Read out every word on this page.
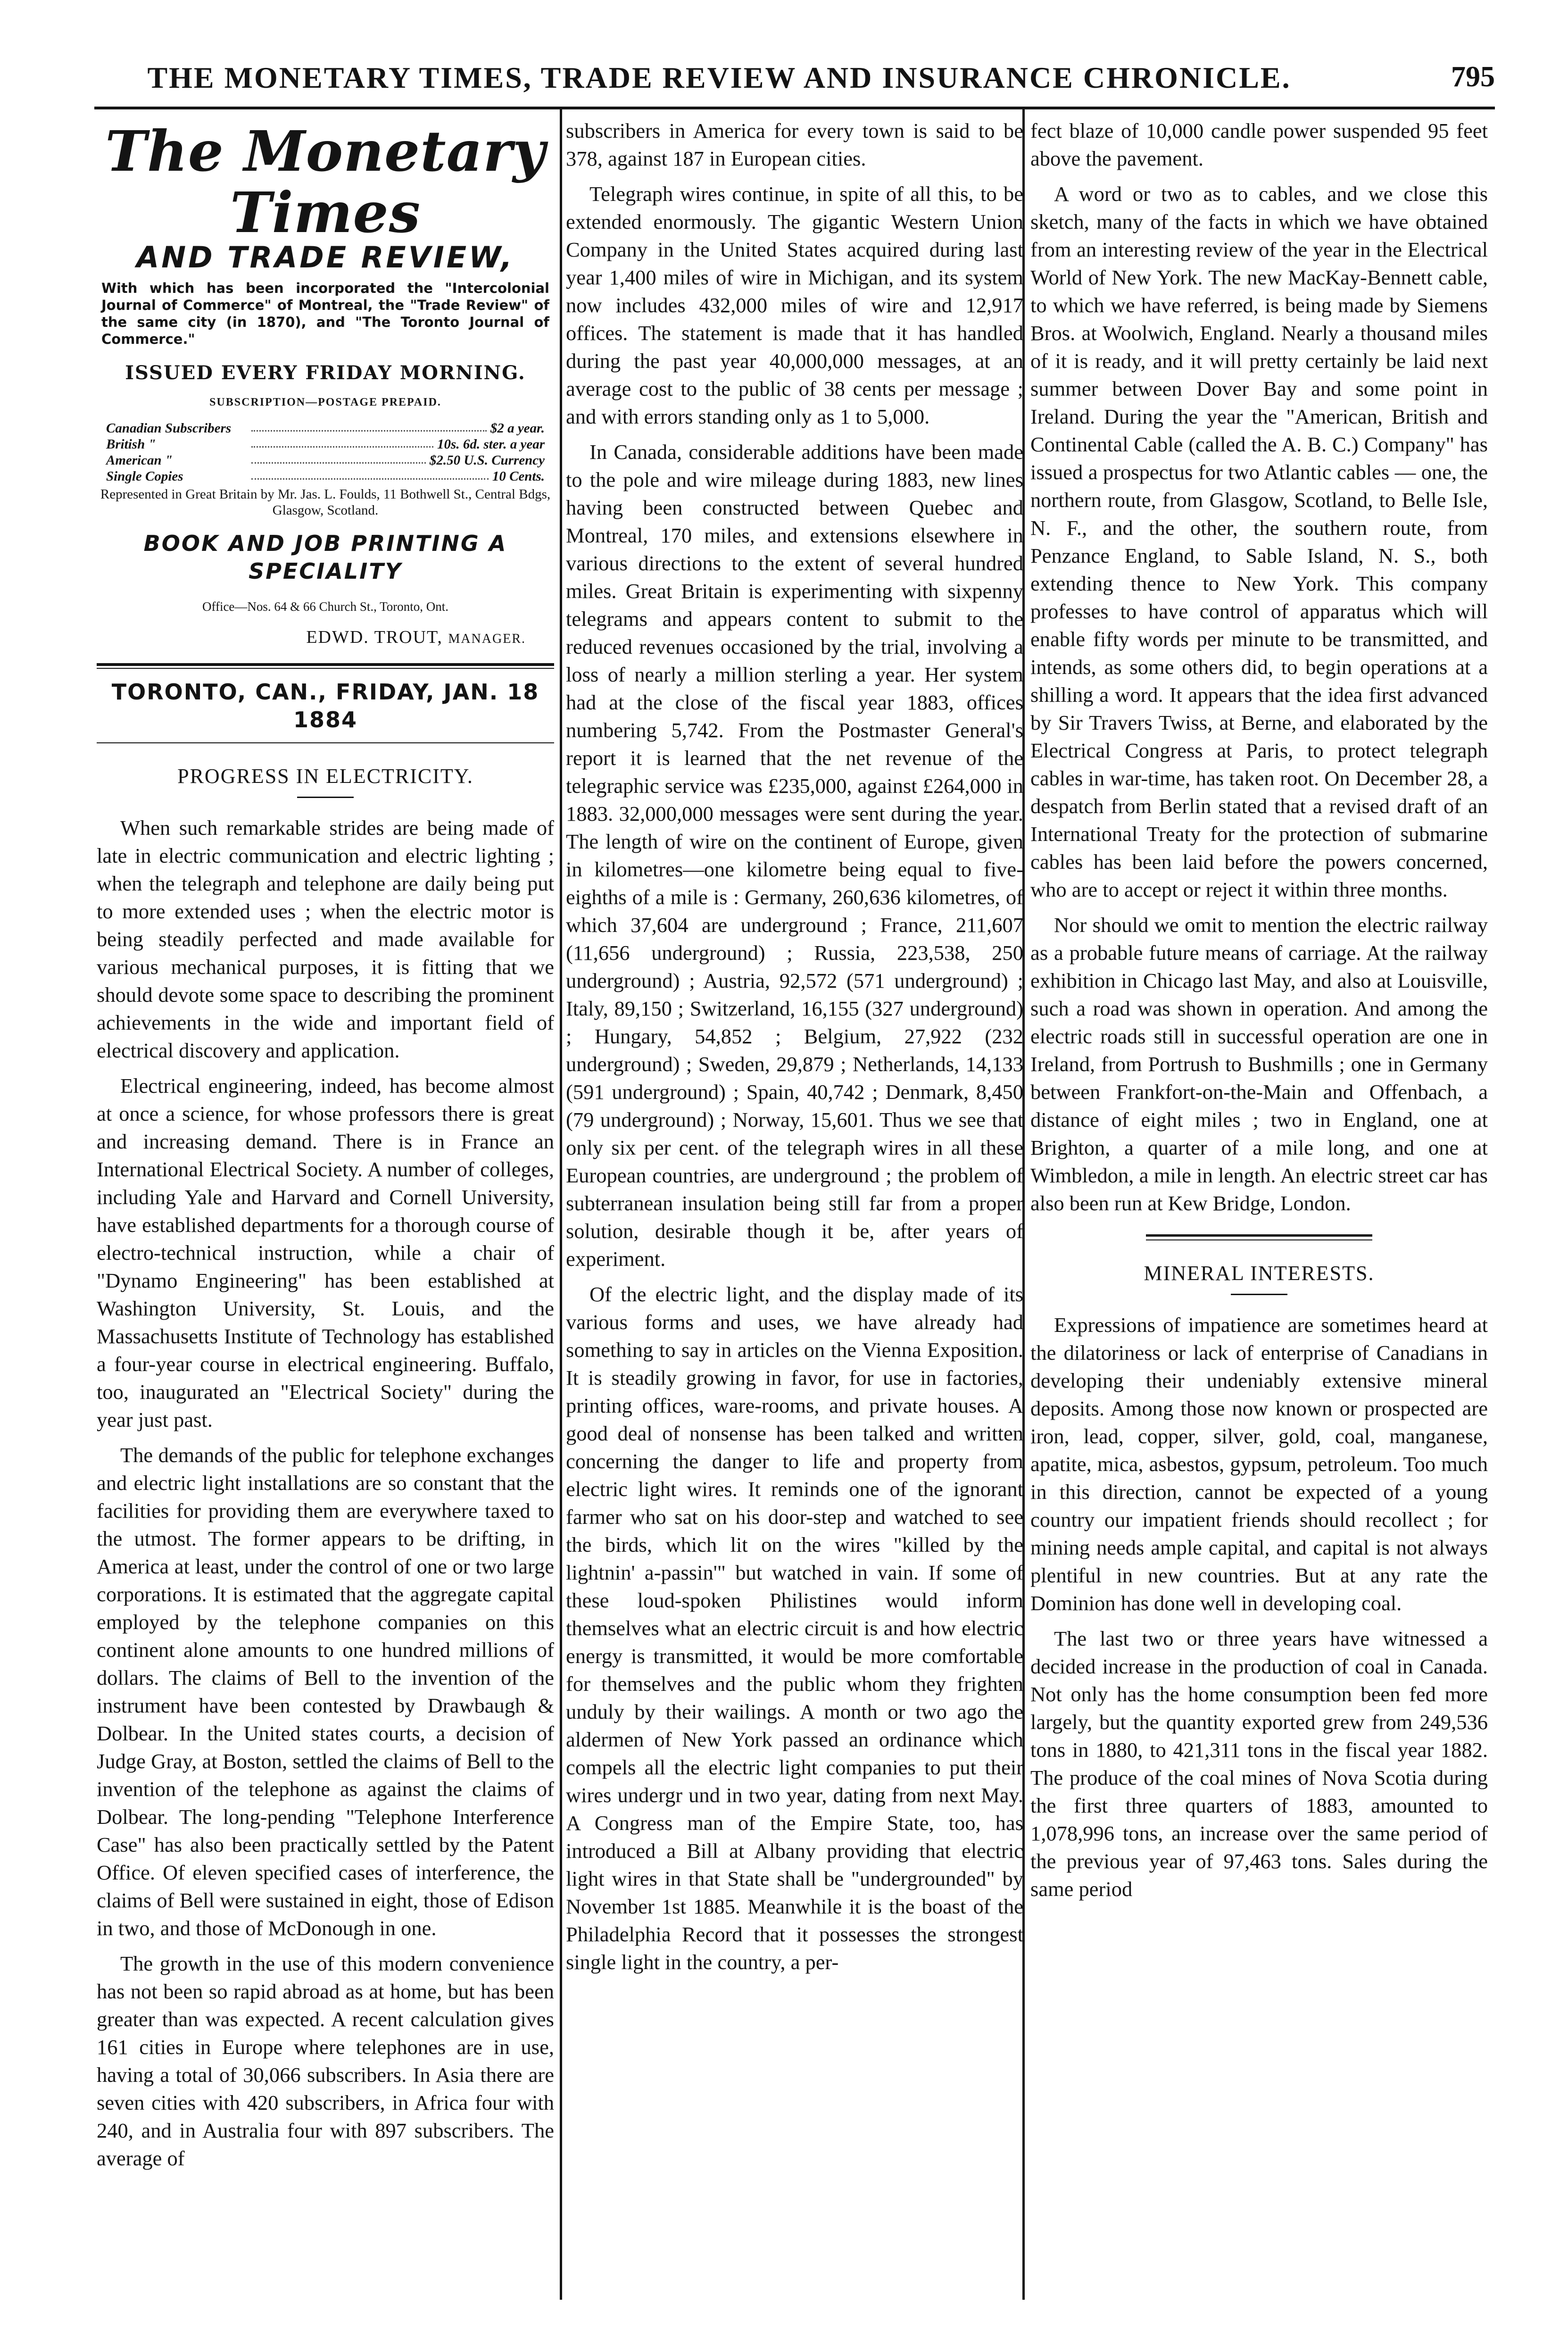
THE MONETARY TIMES, TRADE REVIEW AND INSURANCE CHRONICLE.	795
The Monetary Times
AND TRADE REVIEW,
With which has been incorporated the "Intercolonial Journal of Commerce" of Montreal, the "Trade Review" of the same city (in 1870), and "The Toronto Journal of Commerce."
ISSUED EVERY FRIDAY MORNING.
SUBSCRIPTION—POSTAGE PREPAID.
Canadian Subscribers	$2 a year.
British "	10s. 6d. ster. a year
American "	$2.50 U.S. Currency
Single Copies	10 Cents.
Represented in Great Britain by Mr. Jas. L. Foulds, 11 Bothwell St., Central Bdgs, Glasgow, Scotland.
BOOK AND JOB PRINTING A SPECIALITY
Office—Nos. 64 & 66 Church St., Toronto, Ont.
EDWD. TROUT, MANAGER.
TORONTO, CAN., FRIDAY, JAN. 18 1884
PROGRESS IN ELECTRICITY.

When such remarkable strides are being made of late in electric communication and electric lighting ; when the telegraph and telephone are daily being put to more extended uses ; when the electric motor is being steadily perfected and made available for various mechanical purposes, it is fitting that we should devote some space to describing the prominent achievements in the wide and important field of electrical discovery and application.

Electrical engineering, indeed, has become almost at once a science, for whose professors there is great and increasing demand. There is in France an International Electrical Society. A number of colleges, including Yale and Harvard and Cornell University, have established departments for a thorough course of electro-technical instruction, while a chair of "Dynamo Engineering" has been established at Washington University, St. Louis, and the Massachusetts Institute of Technology has established a four-year course in electrical engineering. Buffalo, too, inaugurated an "Electrical Society" during the year just past.

The demands of the public for telephone exchanges and electric light installations are so constant that the facilities for providing them are everywhere taxed to the utmost. The former appears to be drifting, in America at least, under the control of one or two large corporations. It is estimated that the aggregate capital employed by the telephone companies on this continent alone amounts to one hundred millions of dollars. The claims of Bell to the invention of the instrument have been contested by Drawbaugh & Dolbear. In the United states courts, a decision of Judge Gray, at Boston, settled the claims of Bell to the invention of the telephone as against the claims of Dolbear. The long-pending "Telephone Interference Case" has also been practically settled by the Patent Office. Of eleven specified cases of interference, the claims of Bell were sustained in eight, those of Edison in two, and those of McDonough in one.

The growth in the use of this modern convenience has not been so rapid abroad as at home, but has been greater than was expected. A recent calculation gives 161 cities in Europe where telephones are in use, having a total of 30,066 subscribers. In Asia there are seven cities with 420 subscribers, in Africa four with 240, and in Australia four with 897 subscribers. The average of

subscribers in America for every town is said to be 378, against 187 in European cities.

Telegraph wires continue, in spite of all this, to be extended enormously. The gigantic Western Union Company in the United States acquired during last year 1,400 miles of wire in Michigan, and its system now includes 432,000 miles of wire and 12,917 offices. The statement is made that it has handled during the past year 40,000,000 messages, at an average cost to the public of 38 cents per message ; and with errors standing only as 1 to 5,000.

In Canada, considerable additions have been made to the pole and wire mileage during 1883, new lines having been constructed between Quebec and Montreal, 170 miles, and extensions elsewhere in various directions to the extent of several hundred miles. Great Britain is experimenting with sixpenny telegrams and appears content to submit to the reduced revenues occasioned by the trial, involving a loss of nearly a million sterling a year. Her system had at the close of the fiscal year 1883, offices numbering 5,742. From the Postmaster General's report it is learned that the net revenue of the telegraphic service was £235,000, against £264,000 in 1883. 32,000,000 messages were sent during the year. The length of wire on the continent of Europe, given in kilometres—one kilometre being equal to five-eighths of a mile is : Germany, 260,636 kilometres, of which 37,604 are underground ; France, 211,607 (11,656 underground) ; Russia, 223,538, 250 underground) ; Austria, 92,572 (571 underground) ; Italy, 89,150 ; Switzerland, 16,155 (327 underground) ; Hungary, 54,852 ; Belgium, 27,922 (232 underground) ; Sweden, 29,879 ; Netherlands, 14,133 (591 underground) ; Spain, 40,742 ; Denmark, 8,450 (79 underground) ; Norway, 15,601. Thus we see that only six per cent. of the telegraph wires in all these European countries, are underground ; the problem of subterranean insulation being still far from a proper solution, desirable though it be, after years of experiment.

Of the electric light, and the display made of its various forms and uses, we have already had something to say in articles on the Vienna Exposition. It is steadily growing in favor, for use in factories, printing offices, ware-rooms, and private houses. A good deal of nonsense has been talked and written concerning the danger to life and property from electric light wires. It reminds one of the ignorant farmer who sat on his door-step and watched to see the birds, which lit on the wires "killed by the lightnin' a-passin'" but watched in vain. If some of these loud-spoken Philistines would inform themselves what an electric circuit is and how electric energy is transmitted, it would be more comfortable for themselves and the public whom they frighten unduly by their wailings. A month or two ago the aldermen of New York passed an ordinance which compels all the electric light companies to put their wires undergr und in two year, dating from next May. A Congress man of the Empire State, too, has introduced a Bill at Albany providing that electric light wires in that State shall be "undergrounded" by November 1st 1885. Meanwhile it is the boast of the Philadelphia Record that it possesses the strongest single light in the country, a per-

fect blaze of 10,000 candle power suspended 95 feet above the pavement.

A word or two as to cables, and we close this sketch, many of the facts in which we have obtained from an interesting review of the year in the Electrical World of New York. The new MacKay-Bennett cable, to which we have referred, is being made by Siemens Bros. at Woolwich, England. Nearly a thousand miles of it is ready, and it will pretty certainly be laid next summer between Dover Bay and some point in Ireland. During the year the "American, British and Continental Cable (called the A. B. C.) Company" has issued a prospectus for two Atlantic cables — one, the northern route, from Glasgow, Scotland, to Belle Isle, N. F., and the other, the southern route, from Penzance England, to Sable Island, N. S., both extending thence to New York. This company professes to have control of apparatus which will enable fifty words per minute to be transmitted, and intends, as some others did, to begin operations at a shilling a word. It appears that the idea first advanced by Sir Travers Twiss, at Berne, and elaborated by the Electrical Congress at Paris, to protect telegraph cables in war-time, has taken root. On December 28, a despatch from Berlin stated that a revised draft of an International Treaty for the protection of submarine cables has been laid before the powers concerned, who are to accept or reject it within three months.

Nor should we omit to mention the electric railway as a probable future means of carriage. At the railway exhibition in Chicago last May, and also at Louisville, such a road was shown in operation. And among the electric roads still in successful operation are one in Ireland, from Portrush to Bushmills ; one in Germany between Frankfort-on-the-Main and Offenbach, a distance of eight miles ; two in England, one at Brighton, a quarter of a mile long, and one at Wimbledon, a mile in length. An electric street car has also been run at Kew Bridge, London.

MINERAL INTERESTS.

Expressions of impatience are sometimes heard at the dilatoriness or lack of enterprise of Canadians in developing their undeniably extensive mineral deposits. Among those now known or prospected are iron, lead, copper, silver, gold, coal, manganese, apatite, mica, asbestos, gypsum, petroleum. Too much in this direction, cannot be expected of a young country our impatient friends should recollect ; for mining needs ample capital, and capital is not always plentiful in new countries. But at any rate the Dominion has done well in developing coal.

The last two or three years have witnessed a decided increase in the production of coal in Canada. Not only has the home consumption been fed more largely, but the quantity exported grew from 249,536 tons in 1880, to 421,311 tons in the fiscal year 1882. The produce of the coal mines of Nova Scotia during the first three quarters of 1883, amounted to 1,078,996 tons, an increase over the same period of the previous year of 97,463 tons. Sales during the same period
